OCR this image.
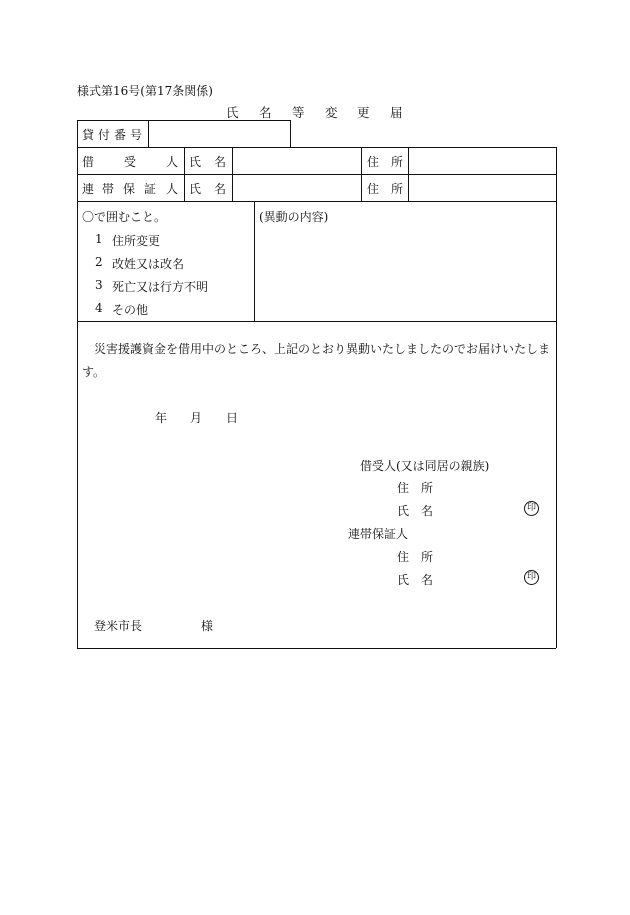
様式第16号(第17条関係)
氏 名 等 変 更 届
貸 付 番 号
借 受 人 氏 名	住 所
連 帯 保 証 人 氏 名	住 所
〇で囲むこと。
1 住所変更
2 改姓又は改名
3 死亡又は行方不明
4 その他
(異動の内容)
災害援護資金を借用中のところ、上記のとおり異動いたしましたのでお届けいたしま
す。
年 月 日
借受人(又は同居の親族)
住 所
氏 名	印
連帯保証人
住 所
氏 名	印
登米市長	様
